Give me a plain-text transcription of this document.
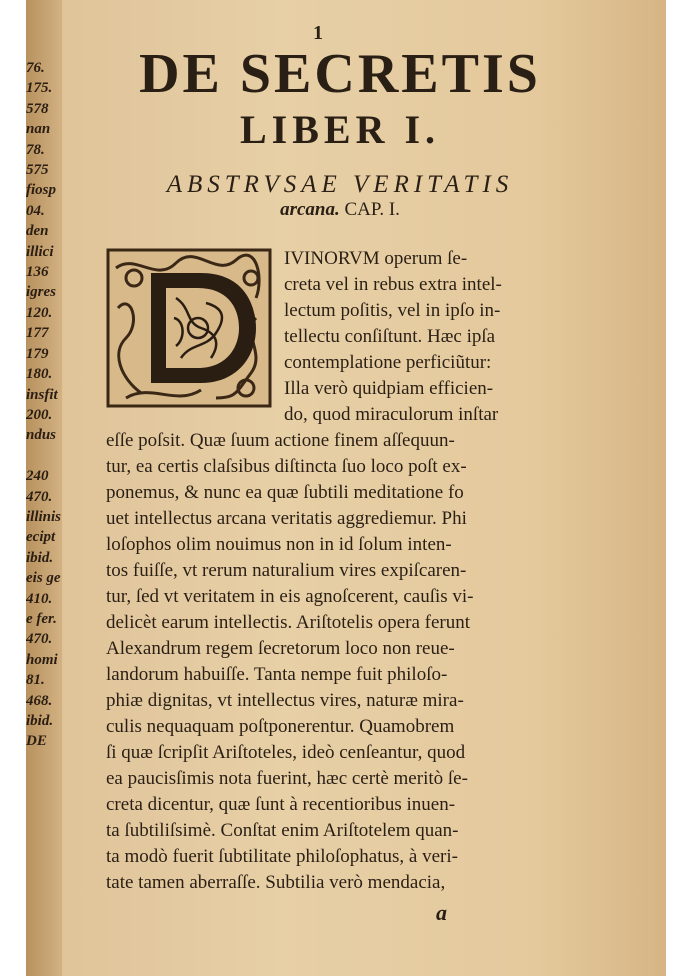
76.
175.
578
nan
78.
575
fiosp
04.
den
illici
136
igres
120.
177
179
180.
insfit
200.
ndus

240
470.
illinis
ecipt
ibid.
eis ge
410.
e fer.
470.
homi
81.
468.
ibid.
DE
1
DE SECRETIS
LIBER I.
ABSTRVSAE VERITATIS
arcana. CAP. I.
IVINORVM operum ſe-
creta vel in rebus extra intel-
lectum poſitis, vel in ipſo in-
tellectu conſiſtunt. Hæc ipſa
contemplatione perficiũtur:
Illa verò quidpiam efficien-
do, quod miraculorum inſtar
eſſe poſsit. Quæ ſuum actione finem aſſequun-
tur, ea certis claſsibus diſtincta ſuo loco poſt ex-
ponemus, & nunc ea quæ ſubtili meditatione fo
uet intellectus arcana veritatis aggrediemur. Phi
loſophos olim nouimus non in id ſolum inten-
tos fuiſſe, vt rerum naturalium vires expiſcaren-
tur, ſed vt veritatem in eis agnoſcerent, cauſis vi-
delicèt earum intellectis. Ariſtotelis opera ferunt
Alexandrum regem ſecretorum loco non reue-
landorum habuiſſe. Tanta nempe fuit philoſo-
phiæ dignitas, vt intellectus vires, naturæ mira-
culis nequaquam poſtponerentur. Quamobrem
ſi quæ ſcripſit Ariſtoteles, ideò cenſeantur, quod
ea paucisſimis nota fuerint, hæc certè meritò ſe-
creta dicentur, quæ ſunt à recentioribus inuen-
ta ſubtiliſsimè. Conſtat enim Ariſtotelem quan-
ta modò fuerit ſubtilitate philoſophatus, à veri-
tate tamen aberraſſe. Subtilia verò mendacia,
a
